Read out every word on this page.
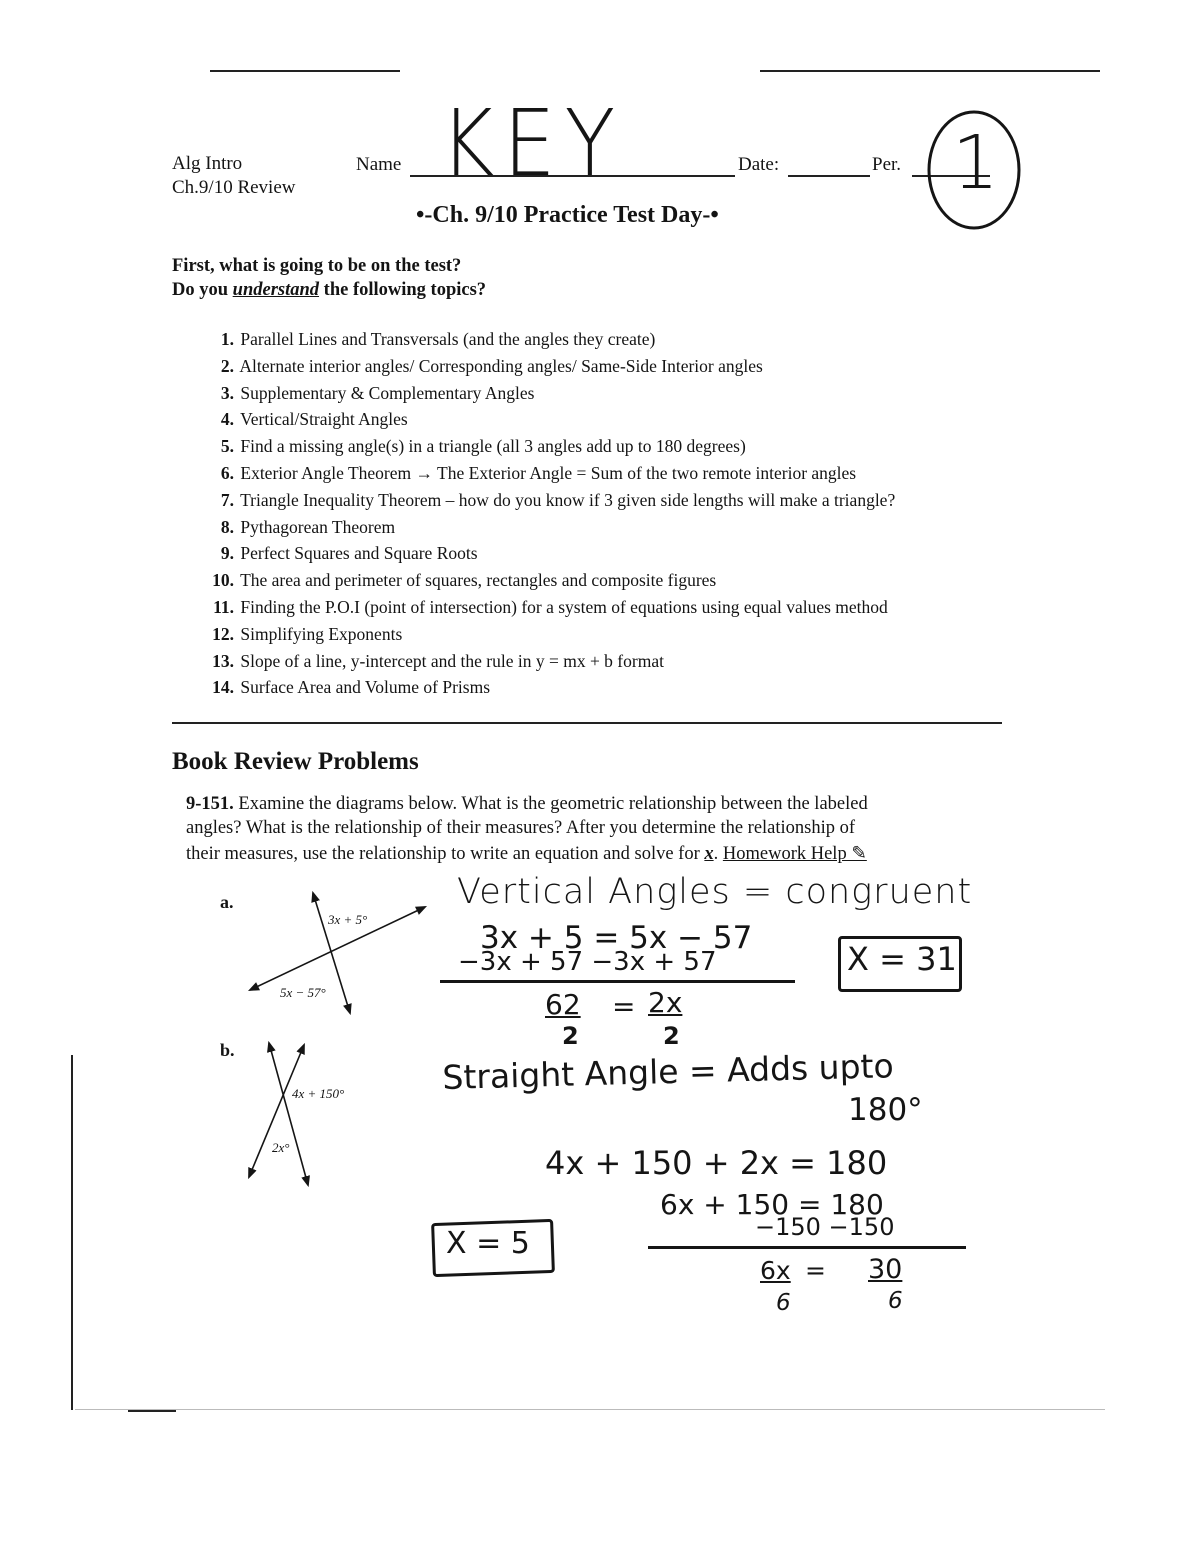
Alg Intro
Ch.9/10 Review
Name	Date:	Per.
KEY	1
•-Ch. 9/10 Practice Test Day-•
First, what is going to be on the test?
Do you understand the following topics?
1. Parallel Lines and Transversals (and the angles they create)
2. Alternate interior angles/ Corresponding angles/ Same-Side Interior angles
3. Supplementary & Complementary Angles
4. Vertical/Straight Angles
5. Find a missing angle(s) in a triangle (all 3 angles add up to 180 degrees)
6. Exterior Angle Theorem → The Exterior Angle = Sum of the two remote interior angles
7. Triangle Inequality Theorem – how do you know if 3 given side lengths will make a triangle?
8. Pythagorean Theorem
9. Perfect Squares and Square Roots
10. The area and perimeter of squares, rectangles and composite figures
11. Finding the P.O.I (point of intersection) for a system of equations using equal values method
12. Simplifying Exponents
13. Slope of a line, y-intercept and the rule in y = mx + b format
14. Surface Area and Volume of Prisms
Book Review Problems
9-151. Examine the diagrams below. What is the geometric relationship between the labeled
angles? What is the relationship of their measures? After you determine the relationship of
their measures, use the relationship to write an equation and solve for x. Homework Help ✎
a.
3x + 5°
5x − 57°
Vertical Angles = congruent
3x + 5 = 5x − 57
−3x + 57 −3x + 57
62 = 2x
2	2
X = 31
b.
4x + 150°
2x°
Straight Angle = Adds upto
180°
4x + 150 + 2x = 180
6x + 150 = 180
−150 −150
6x = 30
6	6
X = 5
